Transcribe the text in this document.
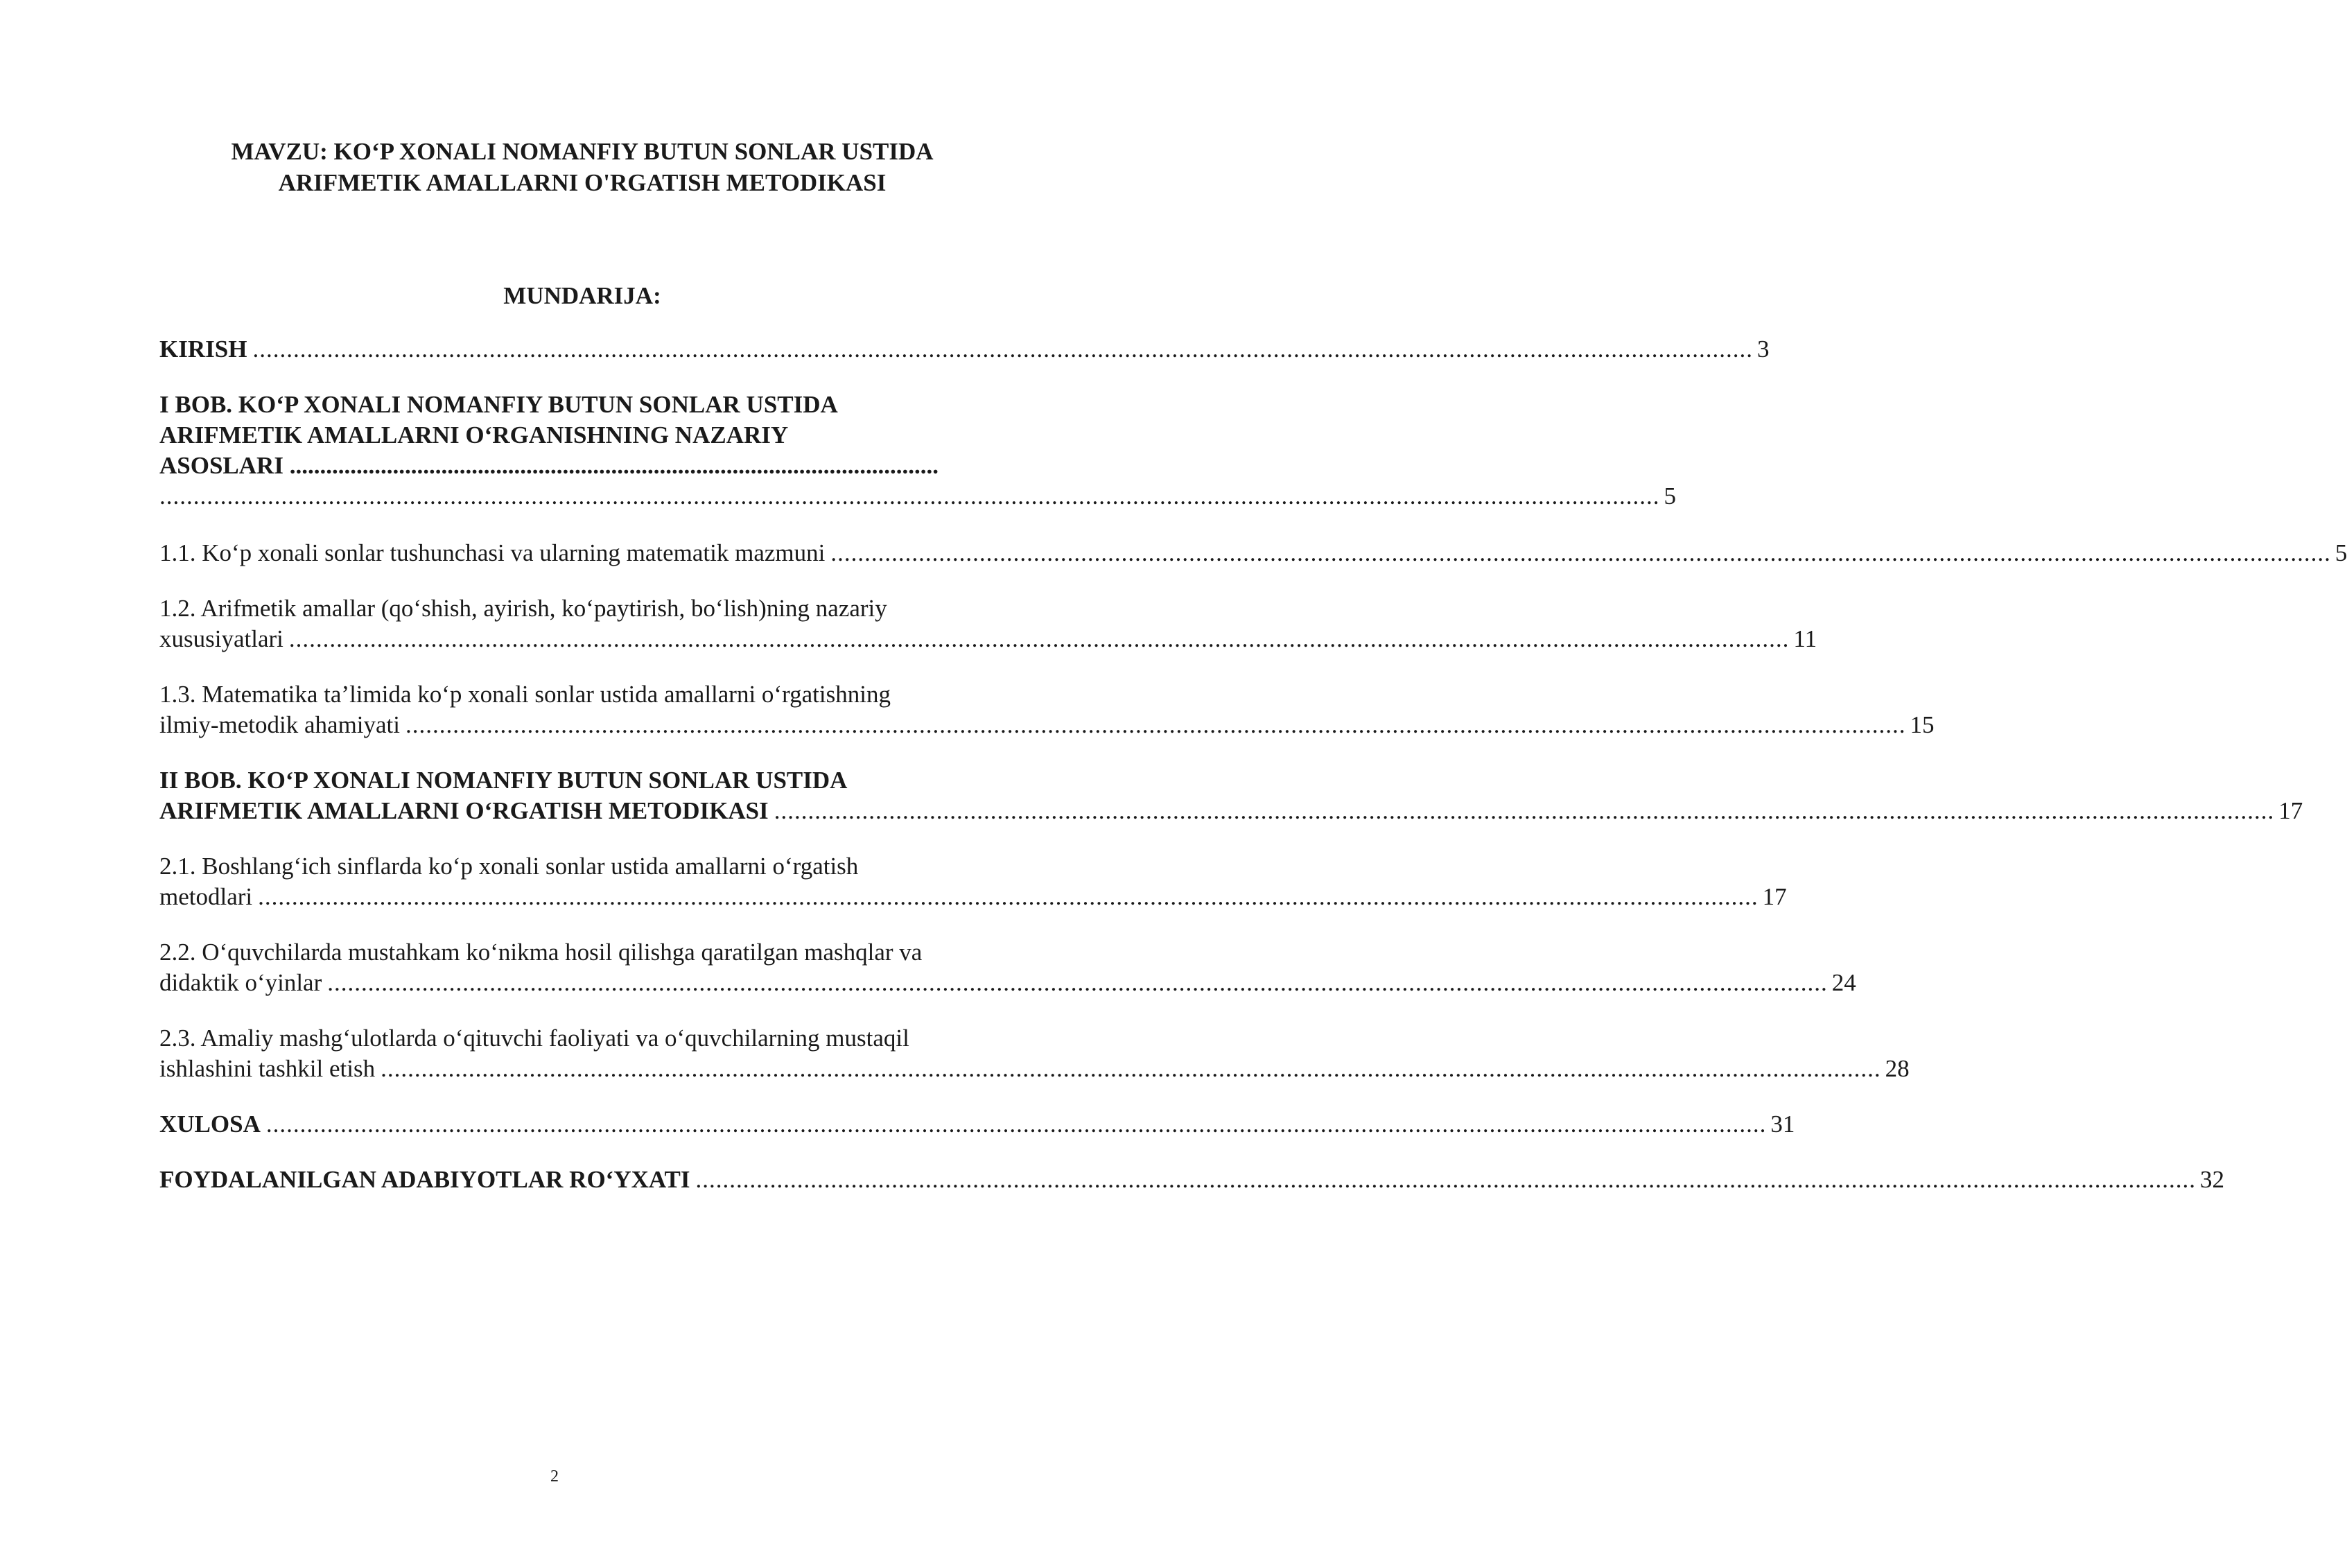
MAVZU: KO‘P XONALI NOMANFIY BUTUN SONLAR USTIDA
ARIFMETIK AMALLARNI O'RGATISH METODIKASI
MUNDARIJA:
KIRISH .............................................................................................................................................................................................................................. 3
I BOB. KO‘P XONALI NOMANFIY BUTUN SONLAR USTIDA
ARIFMETIK AMALLARNI O‘RGANISHNING NAZARIY
ASOSLARI ...........................................................................................................
.............................................................................................................................................................................................................................. 5
1.1. Ko‘p xonali sonlar tushunchasi va ularning matematik mazmuni .............................................................................................................................................................................................................................. 5
1.2. Arifmetik amallar (qo‘shish, ayirish, ko‘paytirish, bo‘lish)ning nazariy
xususiyatlari .............................................................................................................................................................................................................................. 11
1.3. Matematika ta’limida ko‘p xonali sonlar ustida amallarni o‘rgatishning
ilmiy-metodik ahamiyati .............................................................................................................................................................................................................................. 15
II BOB. KO‘P XONALI NOMANFIY BUTUN SONLAR USTIDA
ARIFMETIK AMALLARNI O‘RGATISH METODIKASI .............................................................................................................................................................................................................................. 17
2.1. Boshlang‘ich sinflarda ko‘p xonali sonlar ustida amallarni o‘rgatish
metodlari .............................................................................................................................................................................................................................. 17
2.2. O‘quvchilarda mustahkam ko‘nikma hosil qilishga qaratilgan mashqlar va
didaktik o‘yinlar .............................................................................................................................................................................................................................. 24
2.3. Amaliy mashg‘ulotlarda o‘qituvchi faoliyati va o‘quvchilarning mustaqil
ishlashini tashkil etish .............................................................................................................................................................................................................................. 28
XULOSA .............................................................................................................................................................................................................................. 31
FOYDALANILGAN ADABIYOTLAR RO‘YXATI .............................................................................................................................................................................................................................. 32
2
